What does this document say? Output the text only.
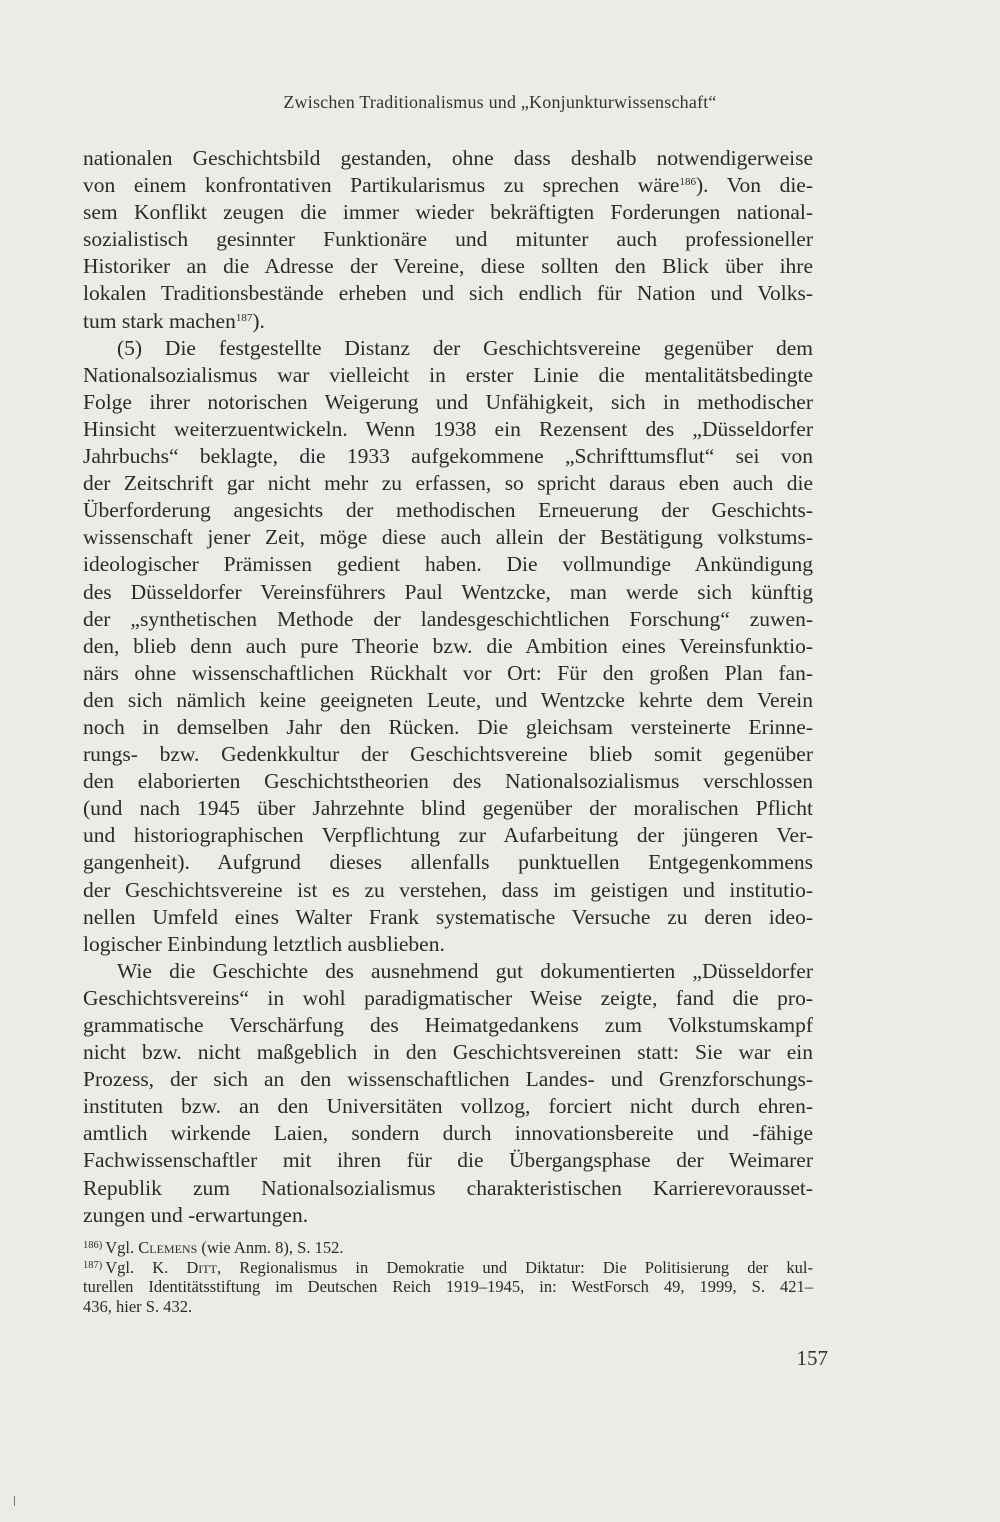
Zwischen Traditionalismus und „Konjunkturwissenschaft“
nationalen Geschichtsbild gestanden, ohne dass deshalb notwendigerweise
von einem konfrontativen Partikularismus zu sprechen wäre$^{186}$). Von die-
sem Konflikt zeugen die immer wieder bekräftigten Forderungen national-
sozialistisch gesinnter Funktionäre und mitunter auch professioneller
Historiker an die Adresse der Vereine, diese sollten den Blick über ihre
lokalen Traditionsbestände erheben und sich endlich für Nation und Volks-
tum stark machen$^{187}$).
(5) Die festgestellte Distanz der Geschichtsvereine gegenüber dem
Nationalsozialismus war vielleicht in erster Linie die mentalitätsbedingte
Folge ihrer notorischen Weigerung und Unfähigkeit, sich in methodischer
Hinsicht weiterzuentwickeln. Wenn 1938 ein Rezensent des „Düsseldorfer
Jahrbuchs“ beklagte, die 1933 aufgekommene „Schrifttumsflut“ sei von
der Zeitschrift gar nicht mehr zu erfassen, so spricht daraus eben auch die
Überforderung angesichts der methodischen Erneuerung der Geschichts-
wissenschaft jener Zeit, möge diese auch allein der Bestätigung volkstums-
ideologischer Prämissen gedient haben. Die vollmundige Ankündigung
des Düsseldorfer Vereinsführers Paul Wentzcke, man werde sich künftig
der „synthetischen Methode der landesgeschichtlichen Forschung“ zuwen-
den, blieb denn auch pure Theorie bzw. die Ambition eines Vereinsfunktio-
närs ohne wissenschaftlichen Rückhalt vor Ort: Für den großen Plan fan-
den sich nämlich keine geeigneten Leute, und Wentzcke kehrte dem Verein
noch in demselben Jahr den Rücken. Die gleichsam versteinerte Erinne-
rungs- bzw. Gedenkkultur der Geschichtsvereine blieb somit gegenüber
den elaborierten Geschichtstheorien des Nationalsozialismus verschlossen
(und nach 1945 über Jahrzehnte blind gegenüber der moralischen Pflicht
und historiographischen Verpflichtung zur Aufarbeitung der jüngeren Ver-
gangenheit). Aufgrund dieses allenfalls punktuellen Entgegenkommens
der Geschichtsvereine ist es zu verstehen, dass im geistigen und institutio-
nellen Umfeld eines Walter Frank systematische Versuche zu deren ideo-
logischer Einbindung letztlich ausblieben.
Wie die Geschichte des ausnehmend gut dokumentierten „Düsseldorfer
Geschichtsvereins“ in wohl paradigmatischer Weise zeigte, fand die pro-
grammatische Verschärfung des Heimatgedankens zum Volkstumskampf
nicht bzw. nicht maßgeblich in den Geschichtsvereinen statt: Sie war ein
Prozess, der sich an den wissenschaftlichen Landes- und Grenzforschungs-
instituten bzw. an den Universitäten vollzog, forciert nicht durch ehren-
amtlich wirkende Laien, sondern durch innovationsbereite und -fähige
Fachwissenschaftler mit ihren für die Übergangsphase der Weimarer
Republik zum Nationalsozialismus charakteristischen Karrierevorausset-
zungen und -erwartungen.
$^{186)}$ Vgl. Clemens (wie Anm. 8), S. 152.
$^{187)}$ Vgl. K. Ditt, Regionalismus in Demokratie und Diktatur: Die Politisierung der kul-
turellen Identitätsstiftung im Deutschen Reich 1919–1945, in: WestForsch 49, 1999, S. 421–
436, hier S. 432.
157
